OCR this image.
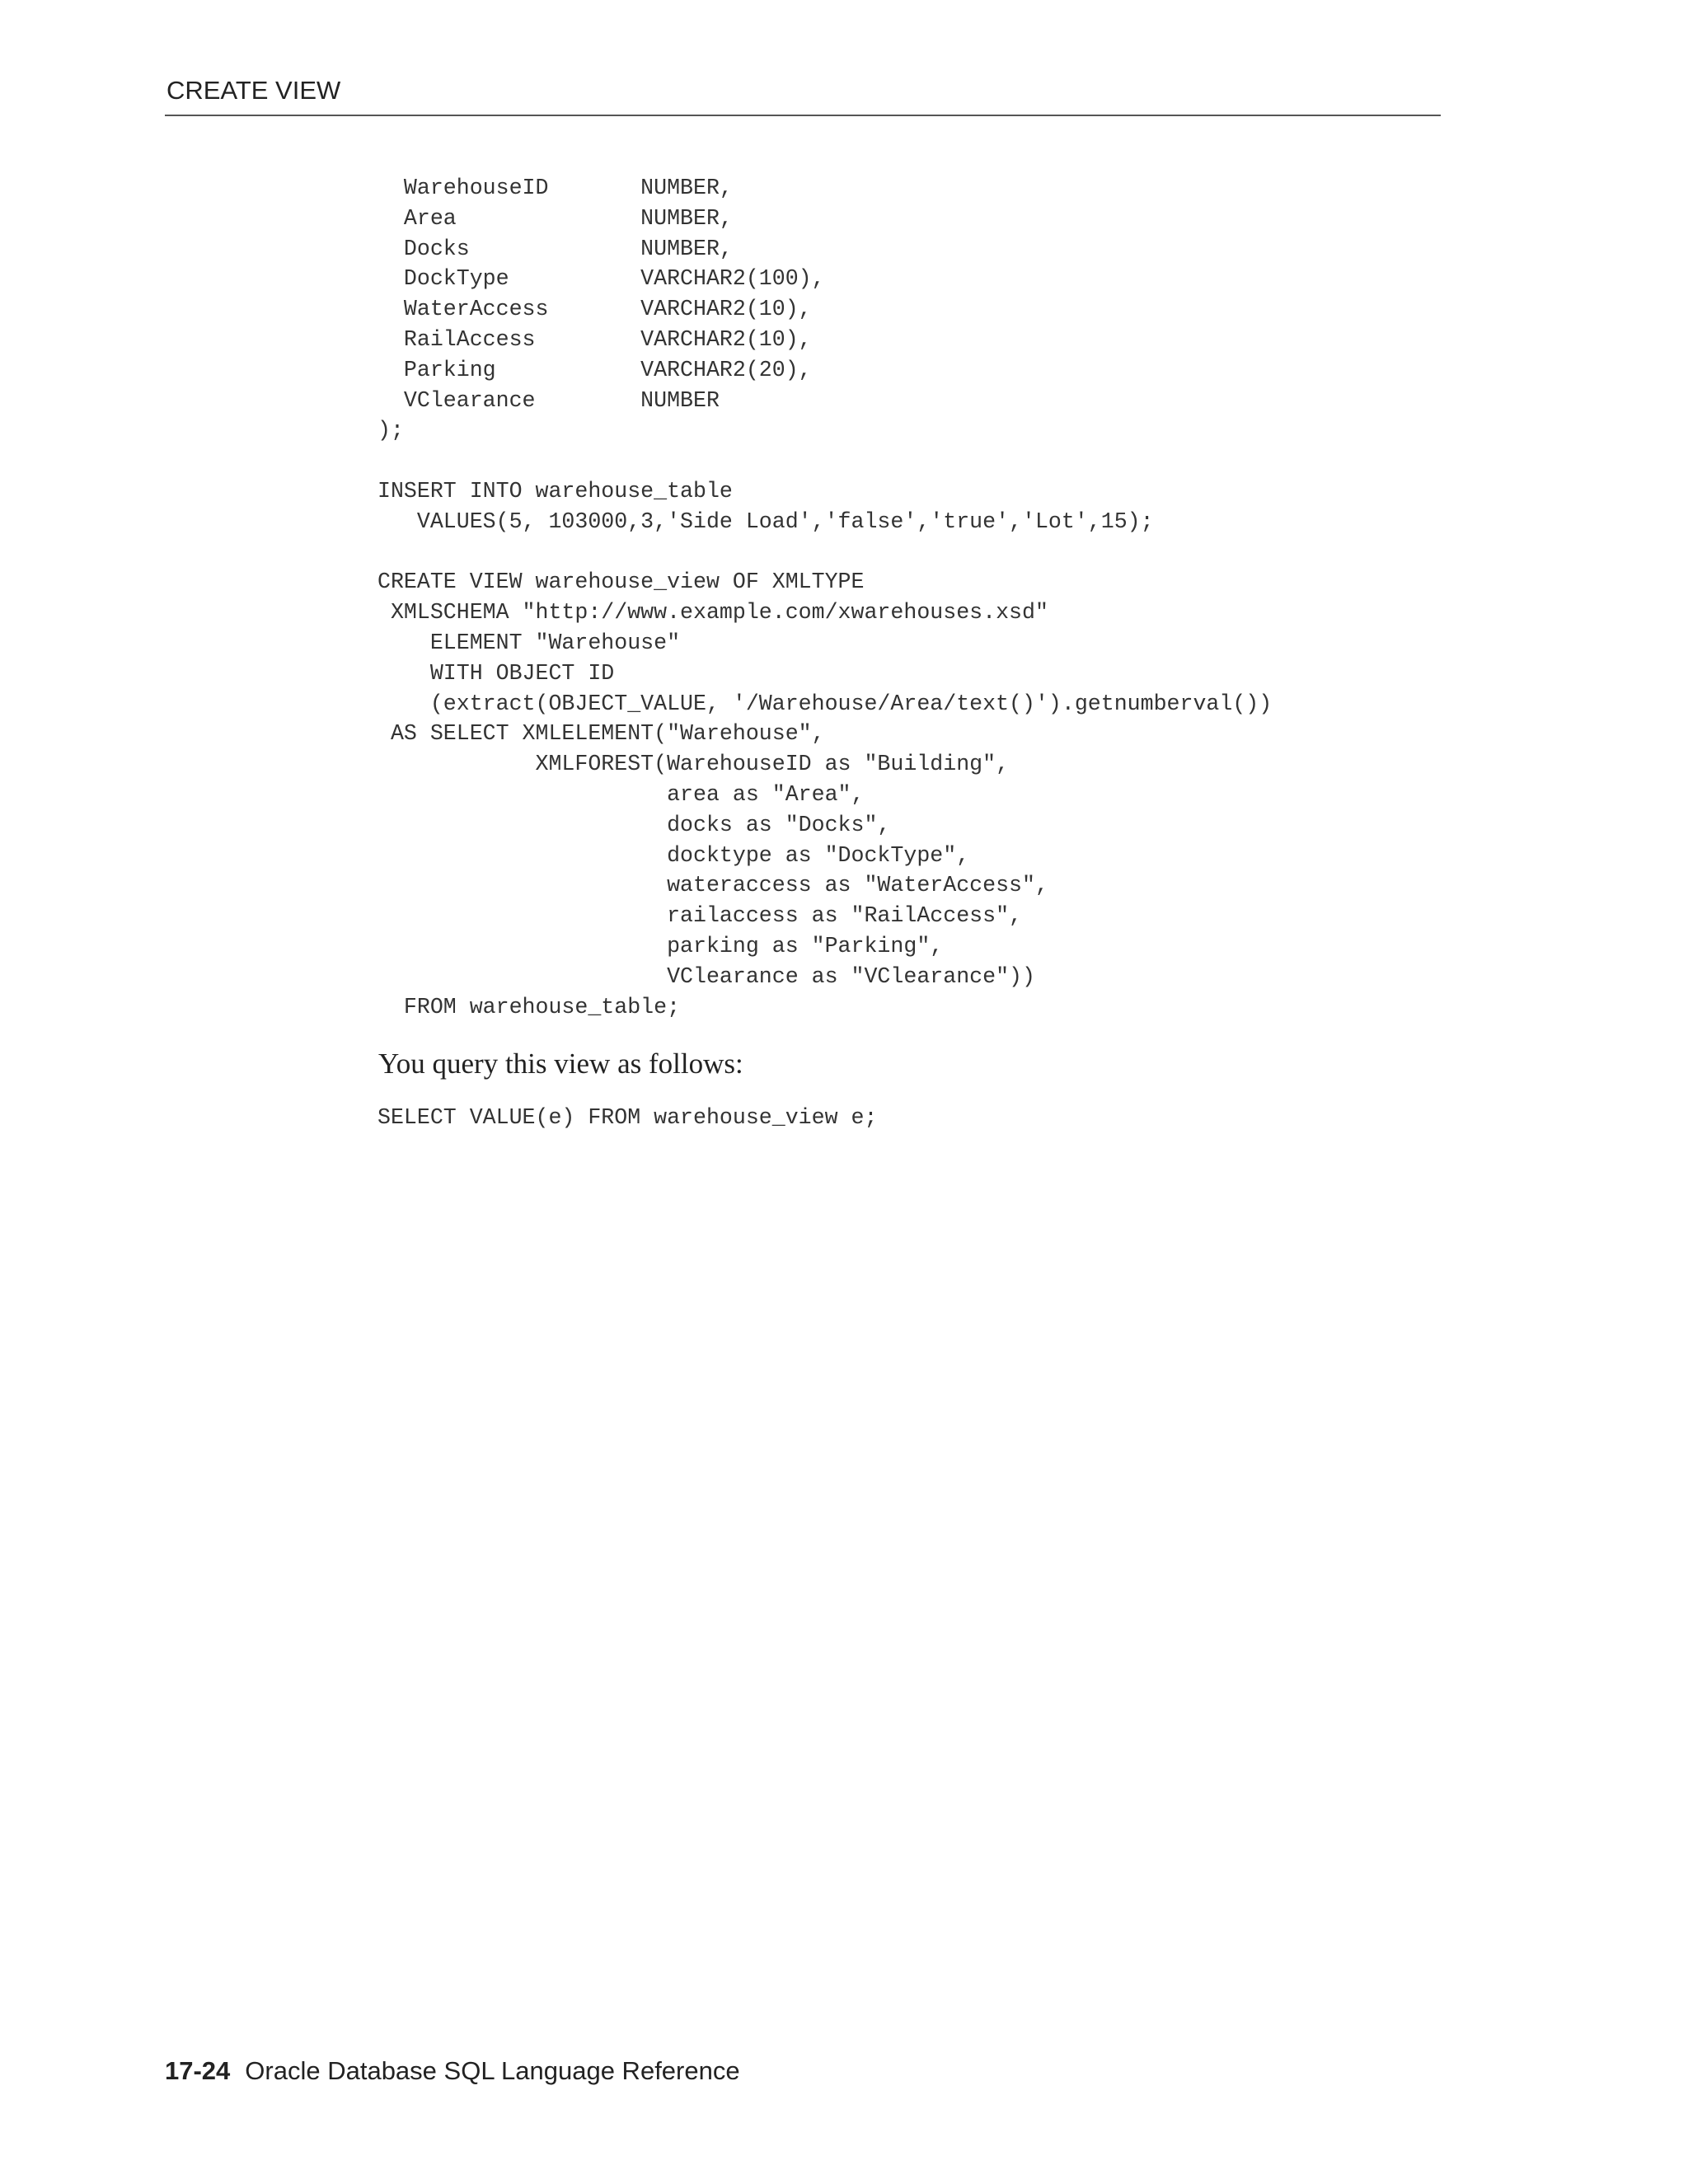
CREATE VIEW
WarehouseID       NUMBER,
Area              NUMBER,
Docks             NUMBER,
DockType          VARCHAR2(100),
WaterAccess       VARCHAR2(10),
RailAccess        VARCHAR2(10),
Parking           VARCHAR2(20),
VClearance        NUMBER
);

INSERT INTO warehouse_table
VALUES(5, 103000,3,'Side Load','false','true','Lot',15);

CREATE VIEW warehouse_view OF XMLTYPE
XMLSCHEMA "http://www.example.com/xwarehouses.xsd"
ELEMENT "Warehouse"
WITH OBJECT ID
(extract(OBJECT_VALUE, '/Warehouse/Area/text()').getnumberval())
AS SELECT XMLELEMENT("Warehouse",
XMLFOREST(WarehouseID as "Building",
area as "Area",
docks as "Docks",
docktype as "DockType",
wateraccess as "WaterAccess",
railaccess as "RailAccess",
parking as "Parking",
VClearance as "VClearance"))
FROM warehouse_table;

You query this view as follows:

SELECT VALUE(e) FROM warehouse_view e;
17-24 Oracle Database SQL Language Reference
